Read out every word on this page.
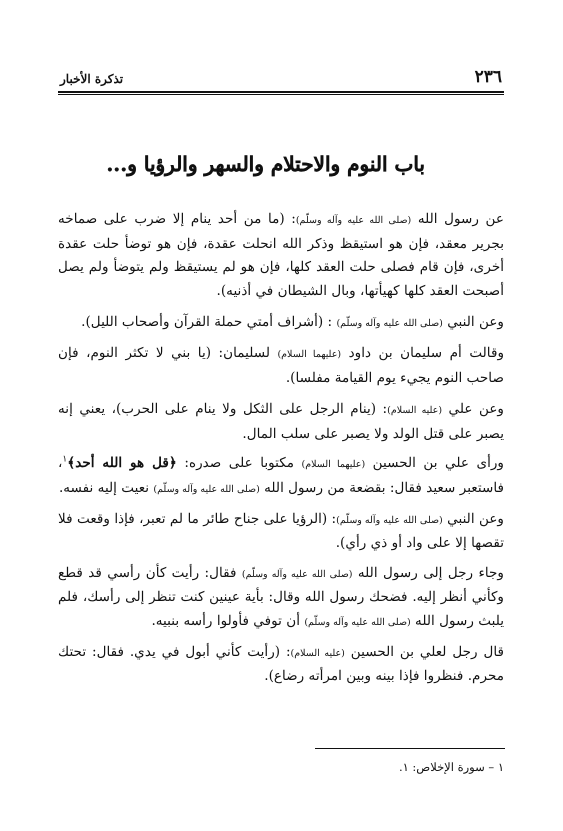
تذكرة الأخبار	٢٣٦
باب النوم والاحتلام والسهر والرؤيا و...

عن رسول الله (صلى الله عليه وآله وسلّم): (ما من أحد ينام إلا ضرب على صماخه بجرير معقد، فإن هو استيقظ وذكر الله انحلت عقدة، فإن هو توضأ حلت عقدة أخرى، فإن قام فصلى حلت العقد كلها، فإن هو لم يستيقظ ولم يتوضأ ولم يصل أصبحت العقد كلها كهيأتها، وبال الشيطان في أذنيه).

وعن النبي (صلى الله عليه وآله وسلّم) : (أشراف أمتي حملة القرآن وأصحاب الليل).

وقالت أم سليمان بن داود (عليهما السلام) لسليمان: (يا بني لا تكثر النوم، فإن صاحب النوم يجيء يوم القيامة مفلسا).

وعن علي (عليه السلام): (ينام الرجل على الثكل ولا ينام على الحرب)، يعني إنه يصبر على قتل الولد ولا يصبر على سلب المال.

ورأى علي بن الحسين (عليهما السلام) مكتوبا على صدره: ﴿قل هو الله أحد﴾$^١$، فاستعبر سعيد فقال: بقضعة من رسول الله (صلى الله عليه وآله وسلّم) نعيت إليه نفسه.

وعن النبي (صلى الله عليه وآله وسلّم): (الرؤيا على جناح طائر ما لم تعبر، فإذا وقعت فلا تقصها إلا على واد أو ذي رأي).

وجاء رجل إلى رسول الله (صلى الله عليه وآله وسلّم) فقال: رأيت كأن رأسي قد قطع وكأني أنظر إليه. فضحك رسول الله وقال: بأية عينين كنت تنظر إلى رأسك، فلم يلبث رسول الله (صلى الله عليه وآله وسلّم) أن توفي فأولوا رأسه بنبيه.

قال رجل لعلي بن الحسين (عليه السلام): (رأيت كأني أبول في يدي. فقال: تحتك محرم. فنظروا فإذا بينه وبين امرأته رضاع).

١ – سورة الإخلاص: ١.
